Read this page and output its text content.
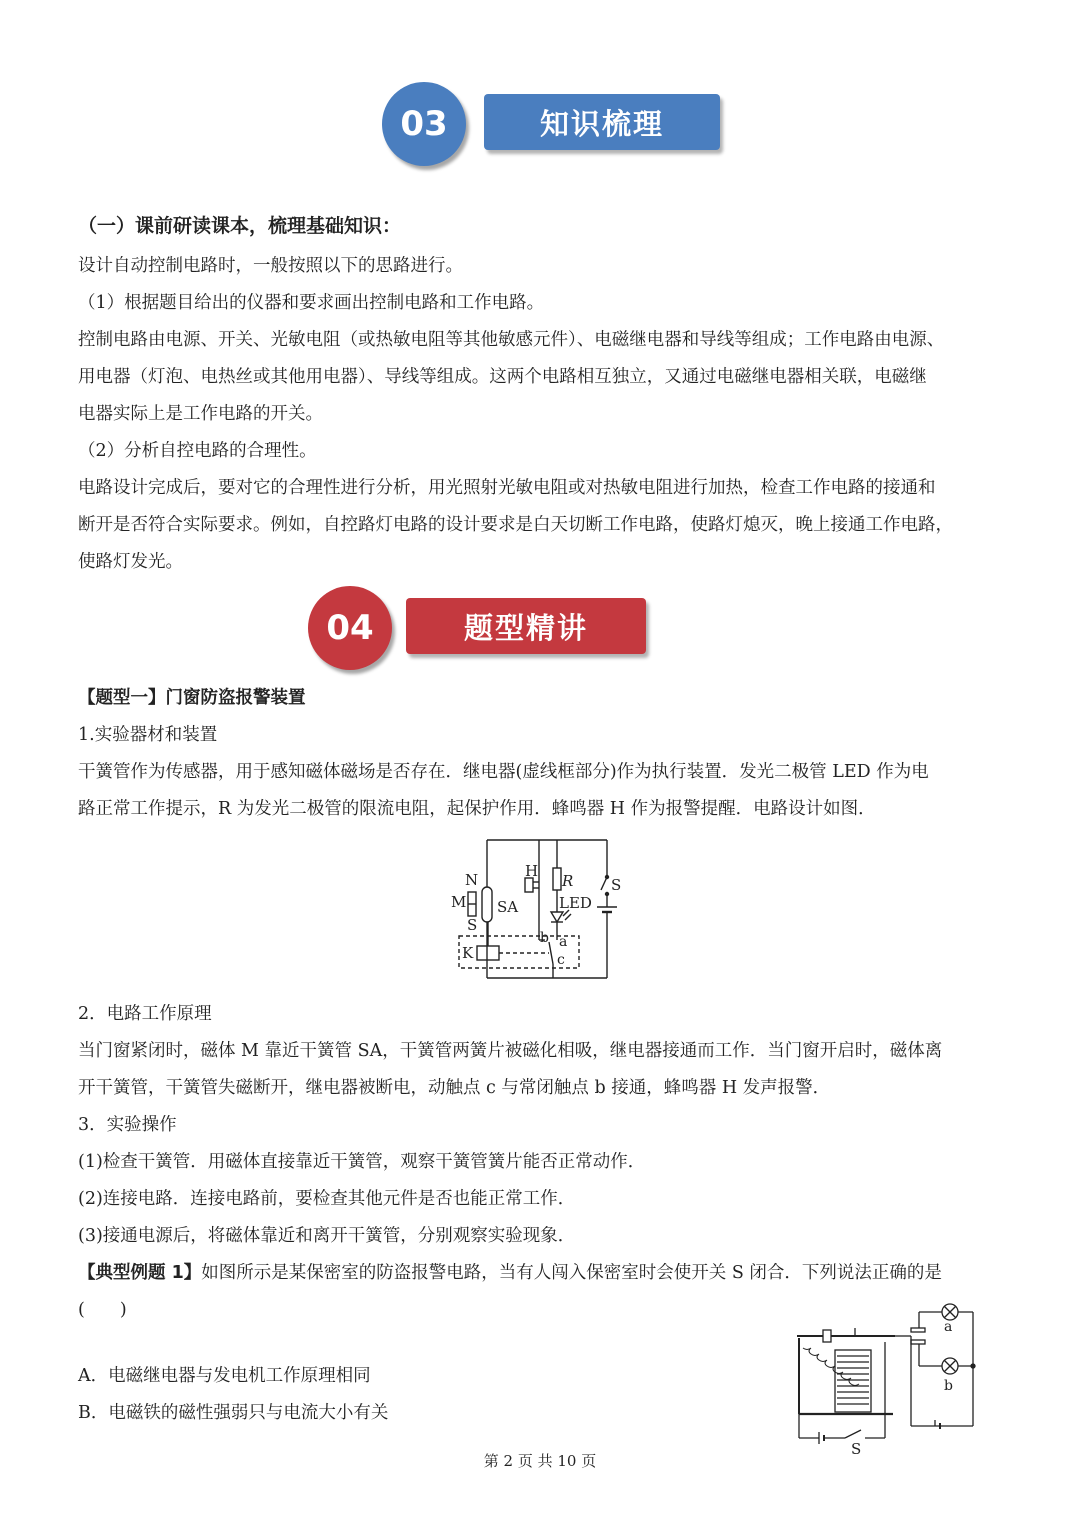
知识梳理
03

（一）课前研读课本，梳理基础知识：

设计自动控制电路时，一般按照以下的思路进行。

（1）根据题目给出的仪器和要求画出控制电路和工作电路。

控制电路由电源、开关、光敏电阻（或热敏电阻等其他敏感元件）、电磁继电器和导线等组成；工作电路由电源、

用电器（灯泡、电热丝或其他用电器）、导线等组成。这两个电路相互独立，又通过电磁继电器相关联，电磁继

电器实际上是工作电路的开关。

（2）分析自控电路的合理性。

电路设计完成后，要对它的合理性进行分析，用光照射光敏电阻或对热敏电阻进行加热，检查工作电路的接通和

断开是否符合实际要求。例如，自控路灯电路的设计要求是白天切断工作电路，使路灯熄灭，晚上接通工作电路，

使路灯发光。

题型精讲
04

【题型一】门窗防盗报警装置

1.实验器材和装置

干簧管作为传感器，用于感知磁体磁场是否存在．继电器(虚线框部分)作为执行装置．发光二极管 LED 作为电

路正常工作提示，R 为发光二极管的限流电阻，起保护作用．蜂鸣器 H 作为报警提醒．电路设计如图．

N
M
S
SA
H
R
LED
S
K
a
b
c

2．电路工作原理

当门窗紧闭时，磁体 M 靠近干簧管 SA，干簧管两簧片被磁化相吸，继电器接通而工作．当门窗开启时，磁体离

开干簧管，干簧管失磁断开，继电器被断电，动触点 c 与常闭触点 b 接通，蜂鸣器 H 发声报警．

3．实验操作

(1)检查干簧管．用磁体直接靠近干簧管，观察干簧管簧片能否正常动作．

(2)连接电路．连接电路前，要检查其他元件是否也能正常工作．

(3)接通电源后，将磁体靠近和离开干簧管，分别观察实验现象．

【典型例题 1】如图所示是某保密室的防盗报警电路，当有人闯入保密室时会使开关 S 闭合．下列说法正确的是

(　　)

A．电磁继电器与发电机工作原理相同

B．电磁铁的磁性强弱只与电流大小有关

a
b
S
第 2 页 共 10 页
